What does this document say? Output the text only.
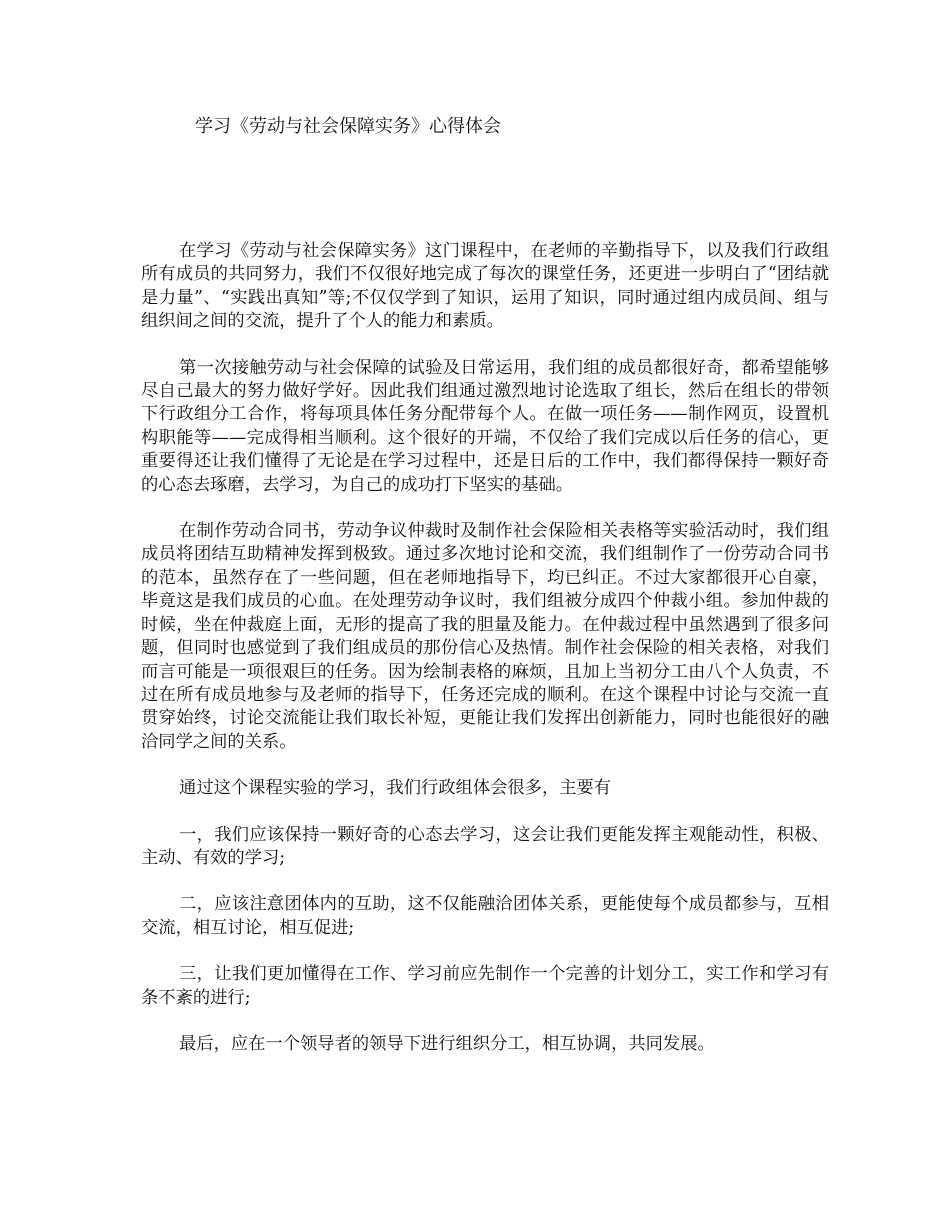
学习《劳动与社会保障实务》心得体会

在学习《劳动与社会保障实务》这门课程中，在老师的辛勤指导下，以及我们行政组所有成员的共同努力，我们不仅很好地完成了每次的课堂任务，还更进一步明白了“团结就是力量”、“实践出真知”等;不仅仅学到了知识，运用了知识，同时通过组内成员间、组与组织间之间的交流，提升了个人的能力和素质。

第一次接触劳动与社会保障的试验及日常运用，我们组的成员都很好奇，都希望能够尽自己最大的努力做好学好。因此我们组通过激烈地讨论选取了组长，然后在组长的带领下行政组分工合作，将每项具体任务分配带每个人。在做一项任务——制作网页，设置机构职能等——完成得相当顺利。这个很好的开端，不仅给了我们完成以后任务的信心，更重要得还让我们懂得了无论是在学习过程中，还是日后的工作中，我们都得保持一颗好奇的心态去琢磨，去学习，为自己的成功打下坚实的基础。

在制作劳动合同书，劳动争议仲裁时及制作社会保险相关表格等实验活动时，我们组成员将团结互助精神发挥到极致。通过多次地讨论和交流，我们组制作了一份劳动合同书的范本，虽然存在了一些问题，但在老师地指导下，均已纠正。不过大家都很开心自豪，毕竟这是我们成员的心血。在处理劳动争议时，我们组被分成四个仲裁小组。参加仲裁的时候，坐在仲裁庭上面，无形的提高了我的胆量及能力。在仲裁过程中虽然遇到了很多问题，但同时也感觉到了我们组成员的那份信心及热情。制作社会保险的相关表格，对我们而言可能是一项很艰巨的任务。因为绘制表格的麻烦，且加上当初分工由八个人负责，不过在所有成员地参与及老师的指导下，任务还完成的顺利。在这个课程中讨论与交流一直贯穿始终，讨论交流能让我们取长补短，更能让我们发挥出创新能力，同时也能很好的融洽同学之间的关系。

通过这个课程实验的学习，我们行政组体会很多，主要有

一，我们应该保持一颗好奇的心态去学习，这会让我们更能发挥主观能动性，积极、主动、有效的学习;

二，应该注意团体内的互助，这不仅能融洽团体关系，更能使每个成员都参与，互相交流，相互讨论，相互促进;

三，让我们更加懂得在工作、学习前应先制作一个完善的计划分工，实工作和学习有条不紊的进行;

最后，应在一个领导者的领导下进行组织分工，相互协调，共同发展。
